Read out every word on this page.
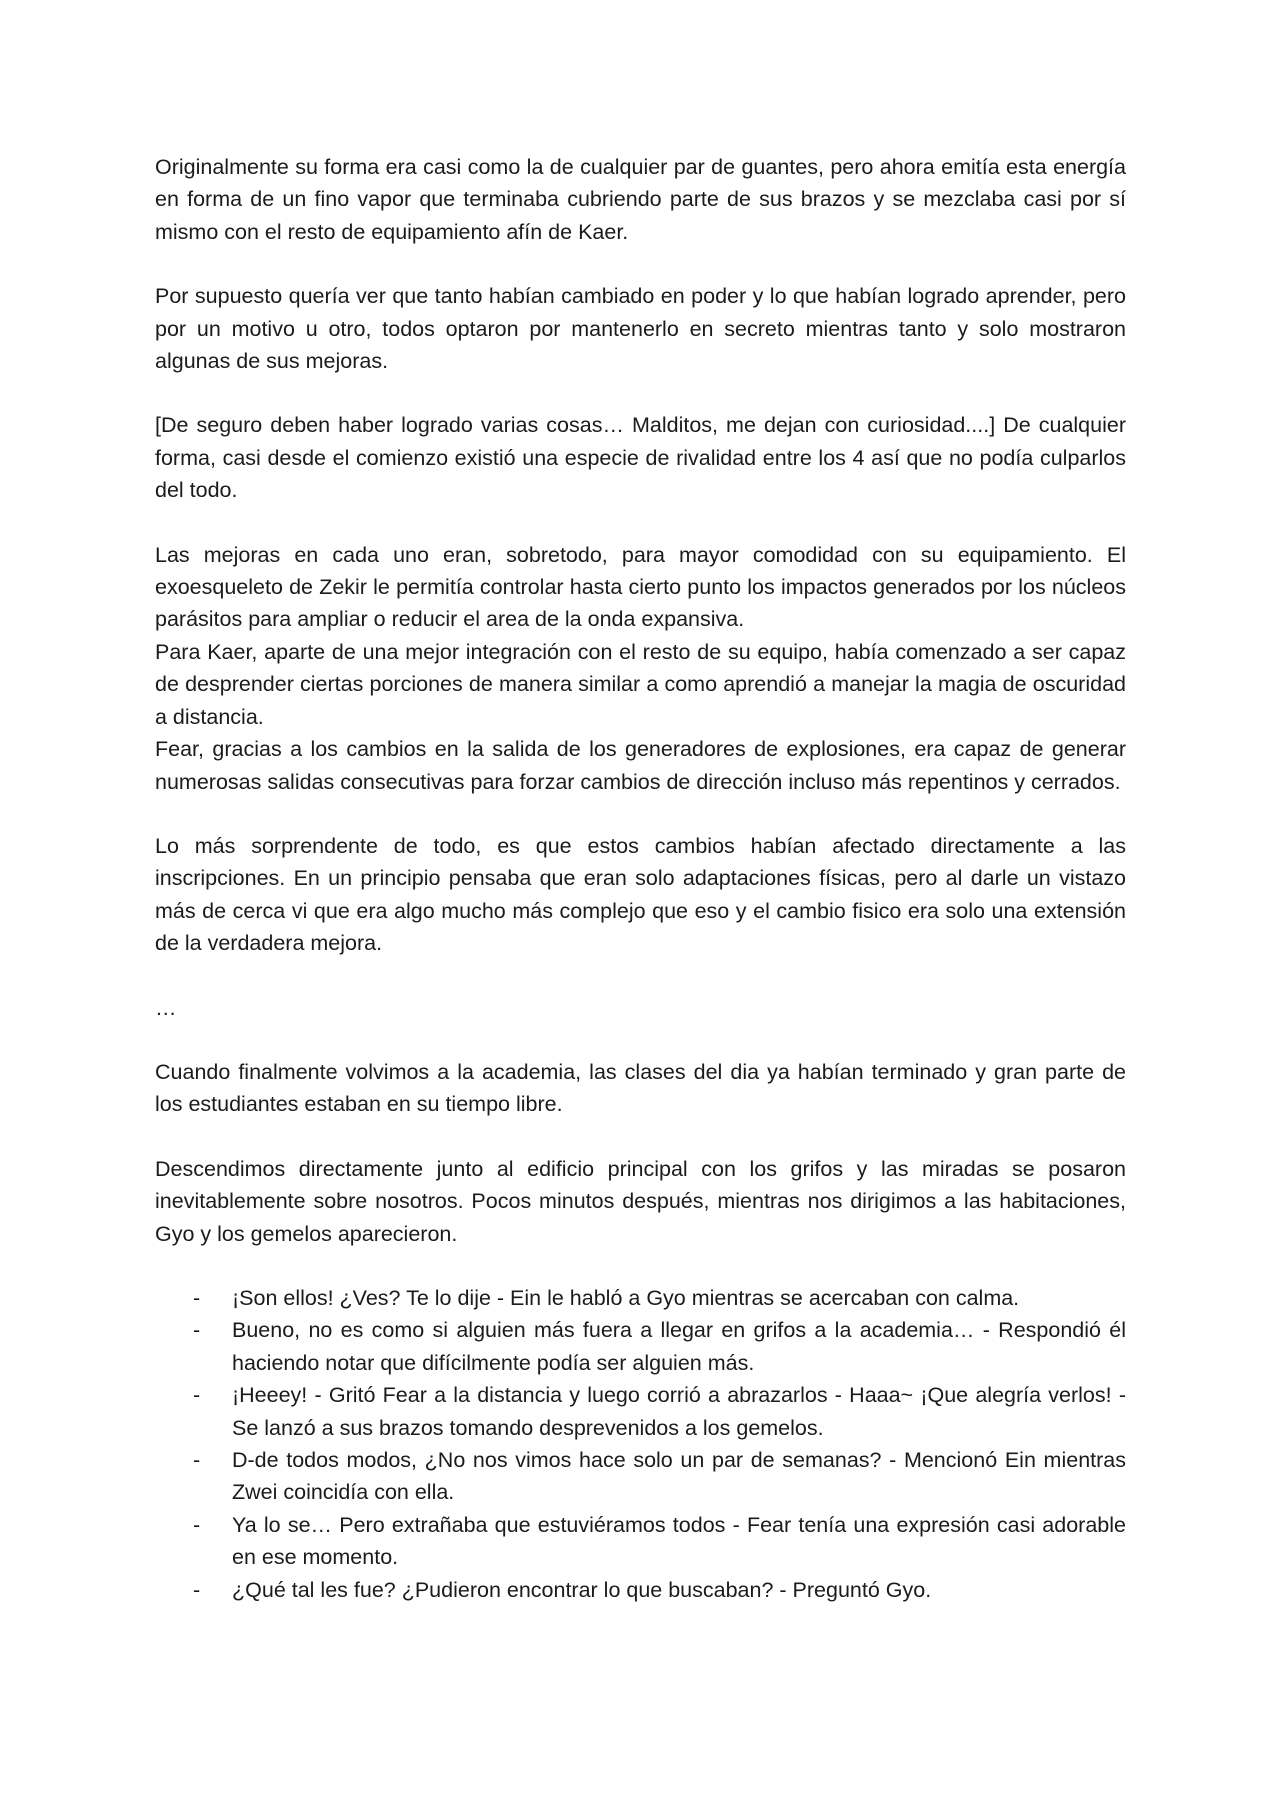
Originalmente su forma era casi como la de cualquier par de guantes, pero ahora emitía esta energía en forma de un fino vapor que terminaba cubriendo parte de sus brazos y se mezclaba casi por sí mismo con el resto de equipamiento afín de Kaer.

Por supuesto quería ver que tanto habían cambiado en poder y lo que habían logrado aprender, pero por un motivo u otro, todos optaron por mantenerlo en secreto mientras tanto y solo mostraron algunas de sus mejoras.

[De seguro deben haber logrado varias cosas… Malditos, me dejan con curiosidad....] De cualquier forma, casi desde el comienzo existió una especie de rivalidad entre los 4 así que no podía culparlos del todo.

Las mejoras en cada uno eran, sobretodo, para mayor comodidad con su equipamiento. El exoesqueleto de Zekir le permitía controlar hasta cierto punto los impactos generados por los núcleos parásitos para ampliar o reducir el area de la onda expansiva.
Para Kaer, aparte de una mejor integración con el resto de su equipo, había comenzado a ser capaz de desprender ciertas porciones de manera similar a como aprendió a manejar la magia de oscuridad a distancia.
Fear, gracias a los cambios en la salida de los generadores de explosiones, era capaz de generar numerosas salidas consecutivas para forzar cambios de dirección incluso más repentinos y cerrados.

Lo más sorprendente de todo, es que estos cambios habían afectado directamente a las inscripciones. En un principio pensaba que eran solo adaptaciones físicas, pero al darle un vistazo más de cerca vi que era algo mucho más complejo que eso y el cambio fisico era solo una extensión de la verdadera mejora.

…

Cuando finalmente volvimos a la academia, las clases del dia ya habían terminado y gran parte de los estudiantes estaban en su tiempo libre.

Descendimos directamente junto al edificio principal con los grifos y las miradas se posaron inevitablemente sobre nosotros. Pocos minutos después, mientras nos dirigimos a las habitaciones, Gyo y los gemelos aparecieron.

- ¡Son ellos! ¿Ves? Te lo dije - Ein le habló a Gyo mientras se acercaban con calma.
- Bueno, no es como si alguien más fuera a llegar en grifos a la academia… - Respondió él haciendo notar que difícilmente podía ser alguien más.
- ¡Heeey! - Gritó Fear a la distancia y luego corrió a abrazarlos - Haaa~ ¡Que alegría verlos! - Se lanzó a sus brazos tomando desprevenidos a los gemelos.
- D-de todos modos, ¿No nos vimos hace solo un par de semanas? - Mencionó Ein mientras Zwei coincidía con ella.
- Ya lo se… Pero extrañaba que estuviéramos todos - Fear tenía una expresión casi adorable en ese momento.
- ¿Qué tal les fue? ¿Pudieron encontrar lo que buscaban? - Preguntó Gyo.
